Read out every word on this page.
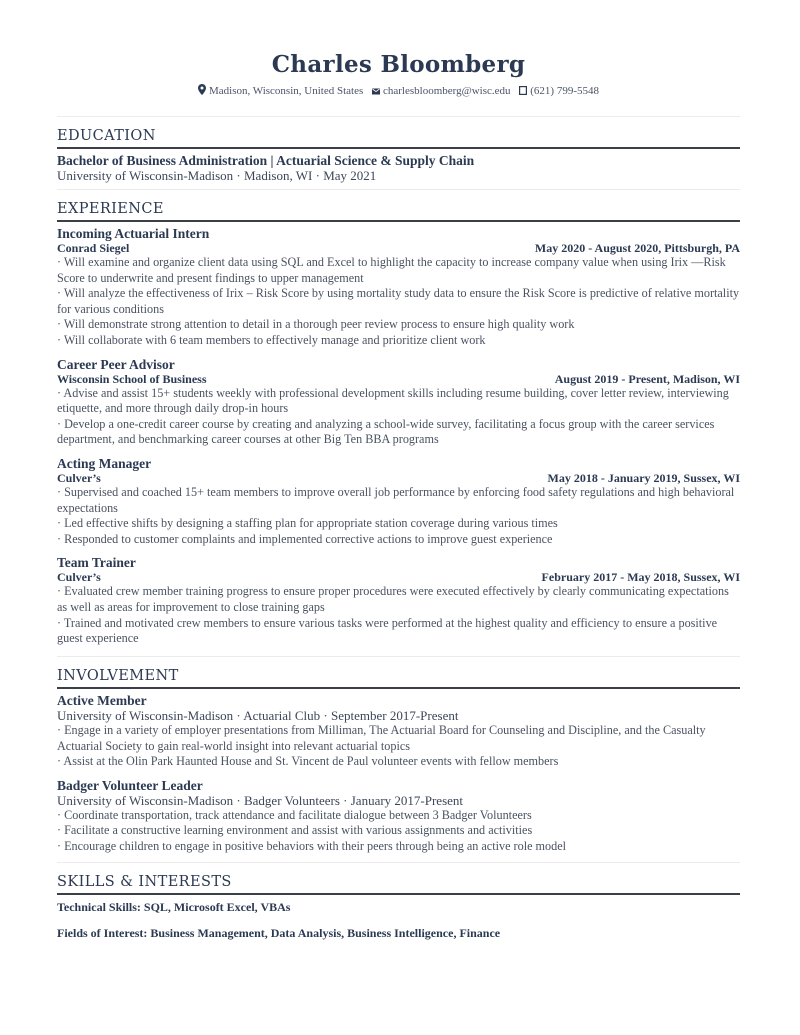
Charles Bloomberg
Madison, Wisconsin, United States charlesbloomberg@wisc.edu (621) 799-5548
EDUCATION
Bachelor of Business Administration | Actuarial Science & Supply Chain
University of Wisconsin-Madison · Madison, WI · May 2021
EXPERIENCE
Incoming Actuarial Intern
Conrad Siegel	May 2020 - August 2020, Pittsburgh, PA
· Will examine and organize client data using SQL and Excel to highlight the capacity to increase company value when using Irix —Risk Score to underwrite and present findings to upper management
· Will analyze the effectiveness of Irix – Risk Score by using mortality study data to ensure the Risk Score is predictive of relative mortality for various conditions
· Will demonstrate strong attention to detail in a thorough peer review process to ensure high quality work
· Will collaborate with 6 team members to effectively manage and prioritize client work
Career Peer Advisor
Wisconsin School of Business	August 2019 - Present, Madison, WI
· Advise and assist 15+ students weekly with professional development skills including resume building, cover letter review, interviewing etiquette, and more through daily drop-in hours
· Develop a one-credit career course by creating and analyzing a school-wide survey, facilitating a focus group with the career services department, and benchmarking career courses at other Big Ten BBA programs
Acting Manager
Culver’s	May 2018 - January 2019, Sussex, WI
· Supervised and coached 15+ team members to improve overall job performance by enforcing food safety regulations and high behavioral expectations
· Led effective shifts by designing a staffing plan for appropriate station coverage during various times
· Responded to customer complaints and implemented corrective actions to improve guest experience
Team Trainer
Culver’s	February 2017 - May 2018, Sussex, WI
· Evaluated crew member training progress to ensure proper procedures were executed effectively by clearly communicating expectations as well as areas for improvement to close training gaps
· Trained and motivated crew members to ensure various tasks were performed at the highest quality and efficiency to ensure a positive guest experience
INVOLVEMENT
Active Member
University of Wisconsin-Madison · Actuarial Club · September 2017-Present
· Engage in a variety of employer presentations from Milliman, The Actuarial Board for Counseling and Discipline, and the Casualty Actuarial Society to gain real-world insight into relevant actuarial topics
· Assist at the Olin Park Haunted House and St. Vincent de Paul volunteer events with fellow members
Badger Volunteer Leader
University of Wisconsin-Madison · Badger Volunteers · January 2017-Present
· Coordinate transportation, track attendance and facilitate dialogue between 3 Badger Volunteers
· Facilitate a constructive learning environment and assist with various assignments and activities
· Encourage children to engage in positive behaviors with their peers through being an active role model
SKILLS & INTERESTS
Technical Skills: SQL, Microsoft Excel, VBAs
Fields of Interest: Business Management, Data Analysis, Business Intelligence, Finance
